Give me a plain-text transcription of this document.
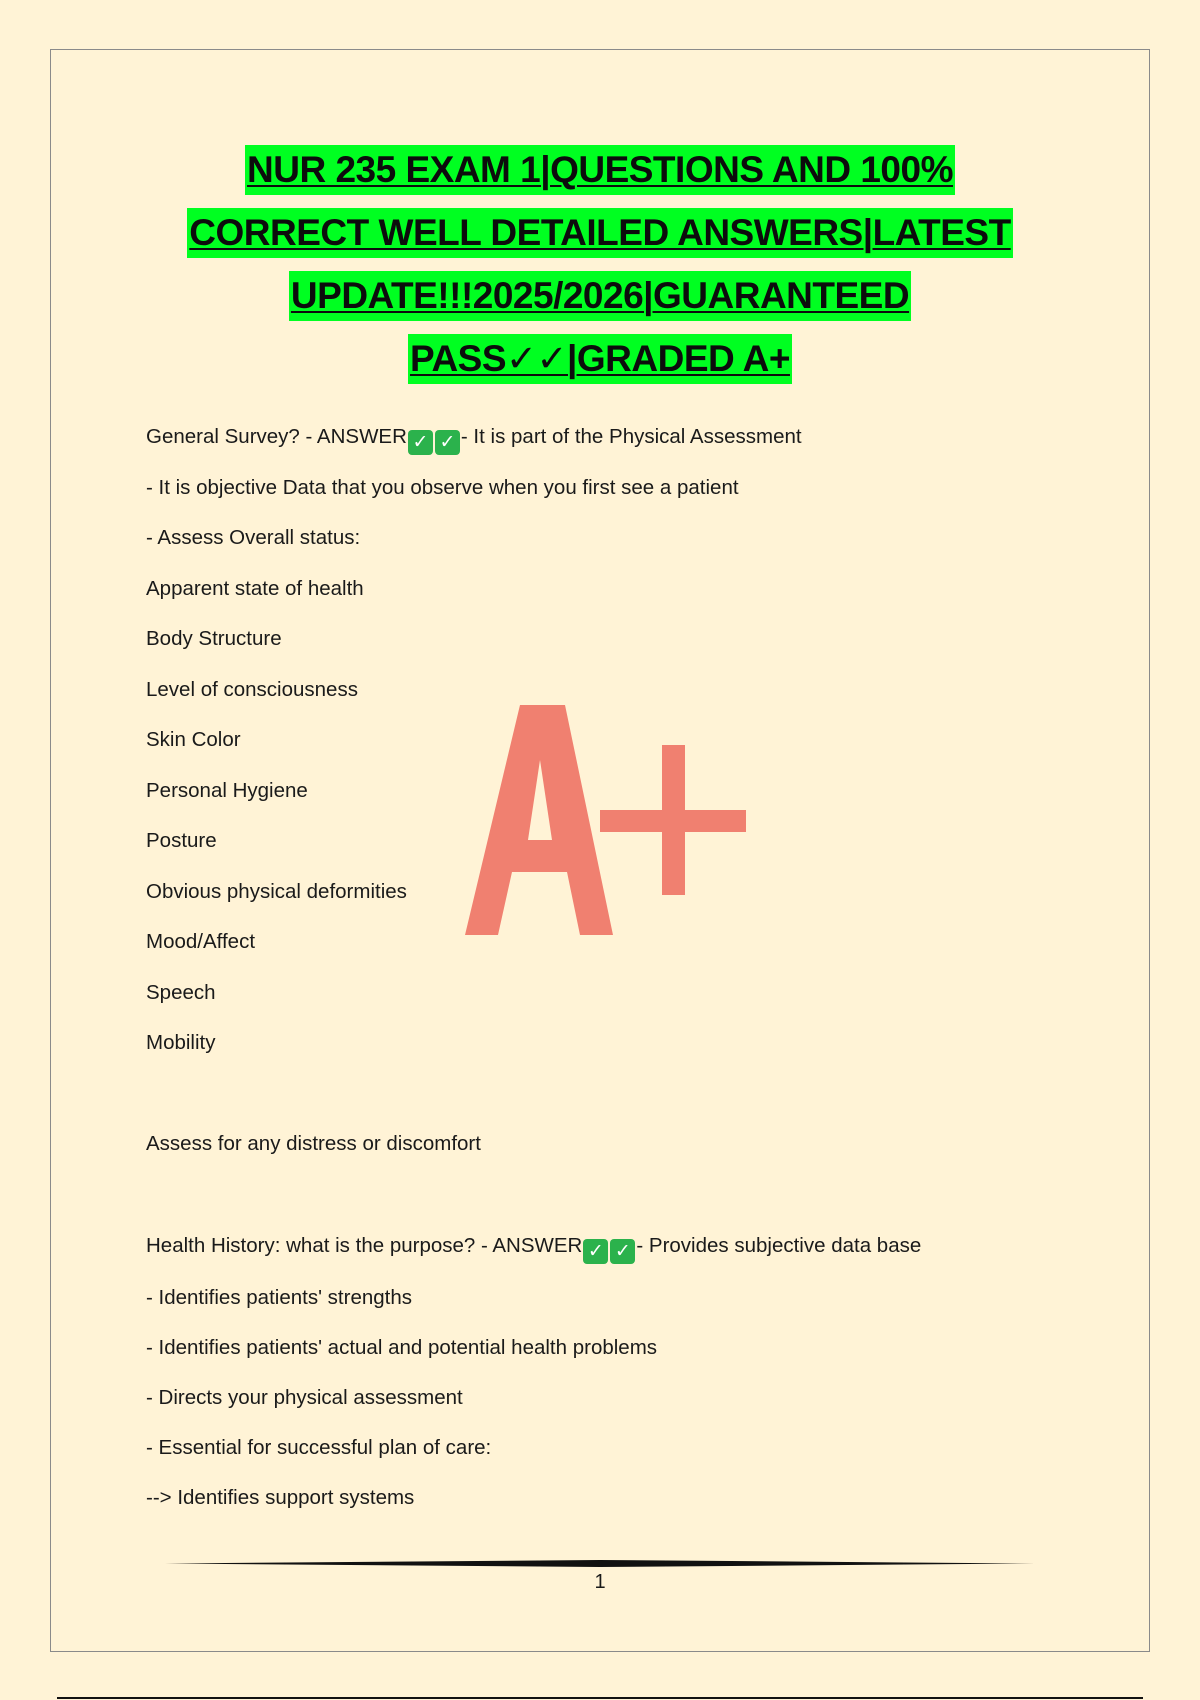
NUR 235 EXAM 1|QUESTIONS AND 100%
CORRECT WELL DETAILED ANSWERS|LATEST
UPDATE!!!2025/2026|GUARANTEED
PASS✓✓|GRADED A+
A+
General Survey? - ANSWER ✓ ✓ - It is part of the Physical Assessment
- It is objective Data that you observe when you first see a patient
- Assess Overall status:
Apparent state of health
Body Structure
Level of consciousness
Skin Color
Personal Hygiene
Posture
Obvious physical deformities
Mood/Affect
Speech
Mobility
Assess for any distress or discomfort
Health History: what is the purpose? - ANSWER ✓ ✓ - Provides subjective data base
- Identifies patients' strengths
- Identifies patients' actual and potential health problems
- Directs your physical assessment
- Essential for successful plan of care:
--> Identifies support systems
1
